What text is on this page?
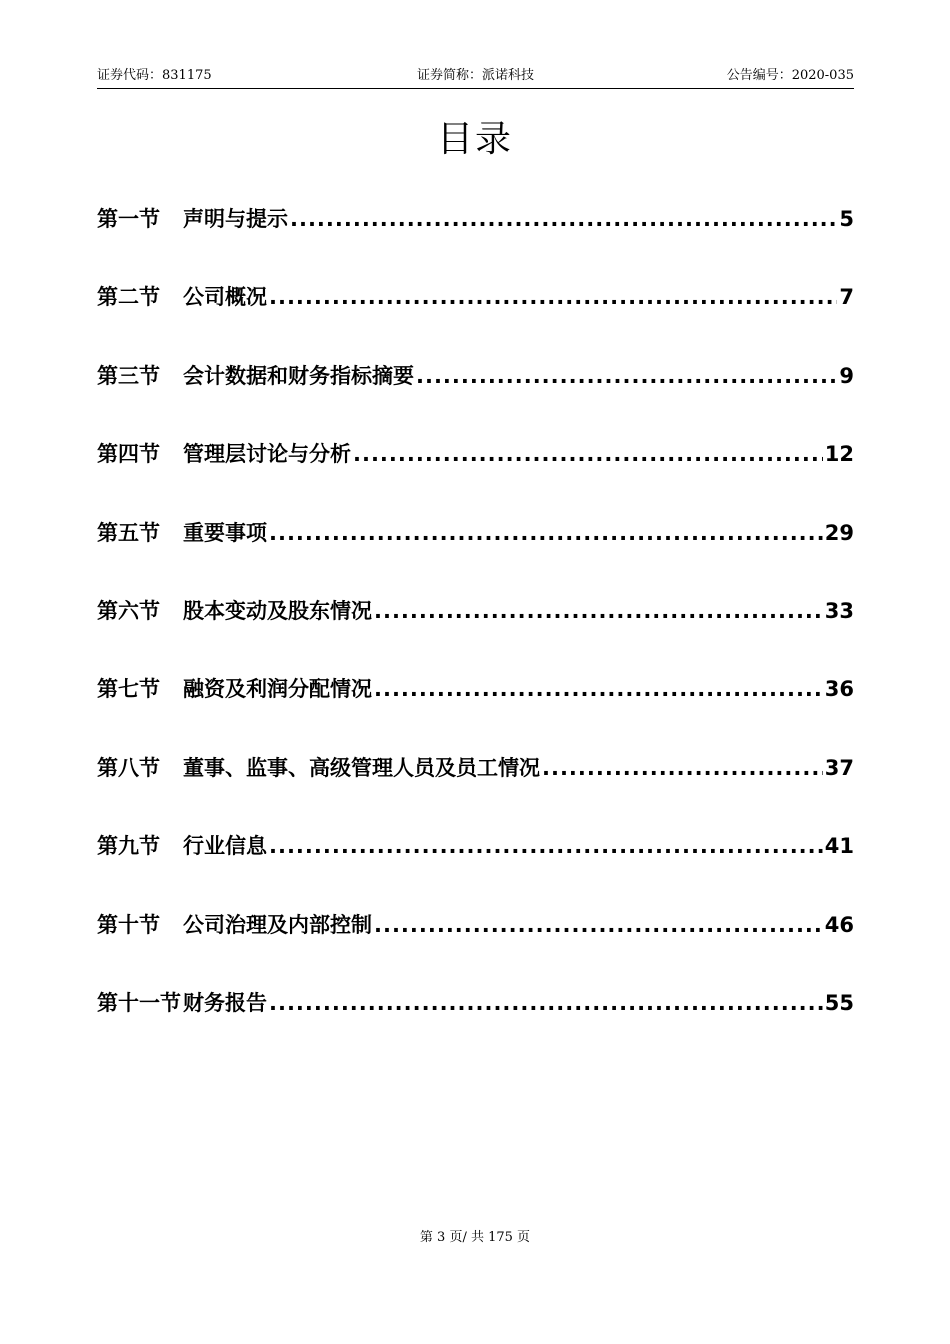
证券代码：831175	证券简称：派诺科技	公告编号：2020-035
目录
第一节	声明与提示 .....	5
第二节	公司概况 .....	7
第三节	会计数据和财务指标摘要 .....	9
第四节	管理层讨论与分析 .....	12
第五节	重要事项 .....	29
第六节	股本变动及股东情况 .....	33
第七节	融资及利润分配情况 .....	36
第八节	董事、监事、高级管理人员及员工情况 .....	37
第九节	行业信息 .....	41
第十节	公司治理及内部控制 .....	46
第十一节 财务报告 .....	55
第 3 页/ 共 175 页
